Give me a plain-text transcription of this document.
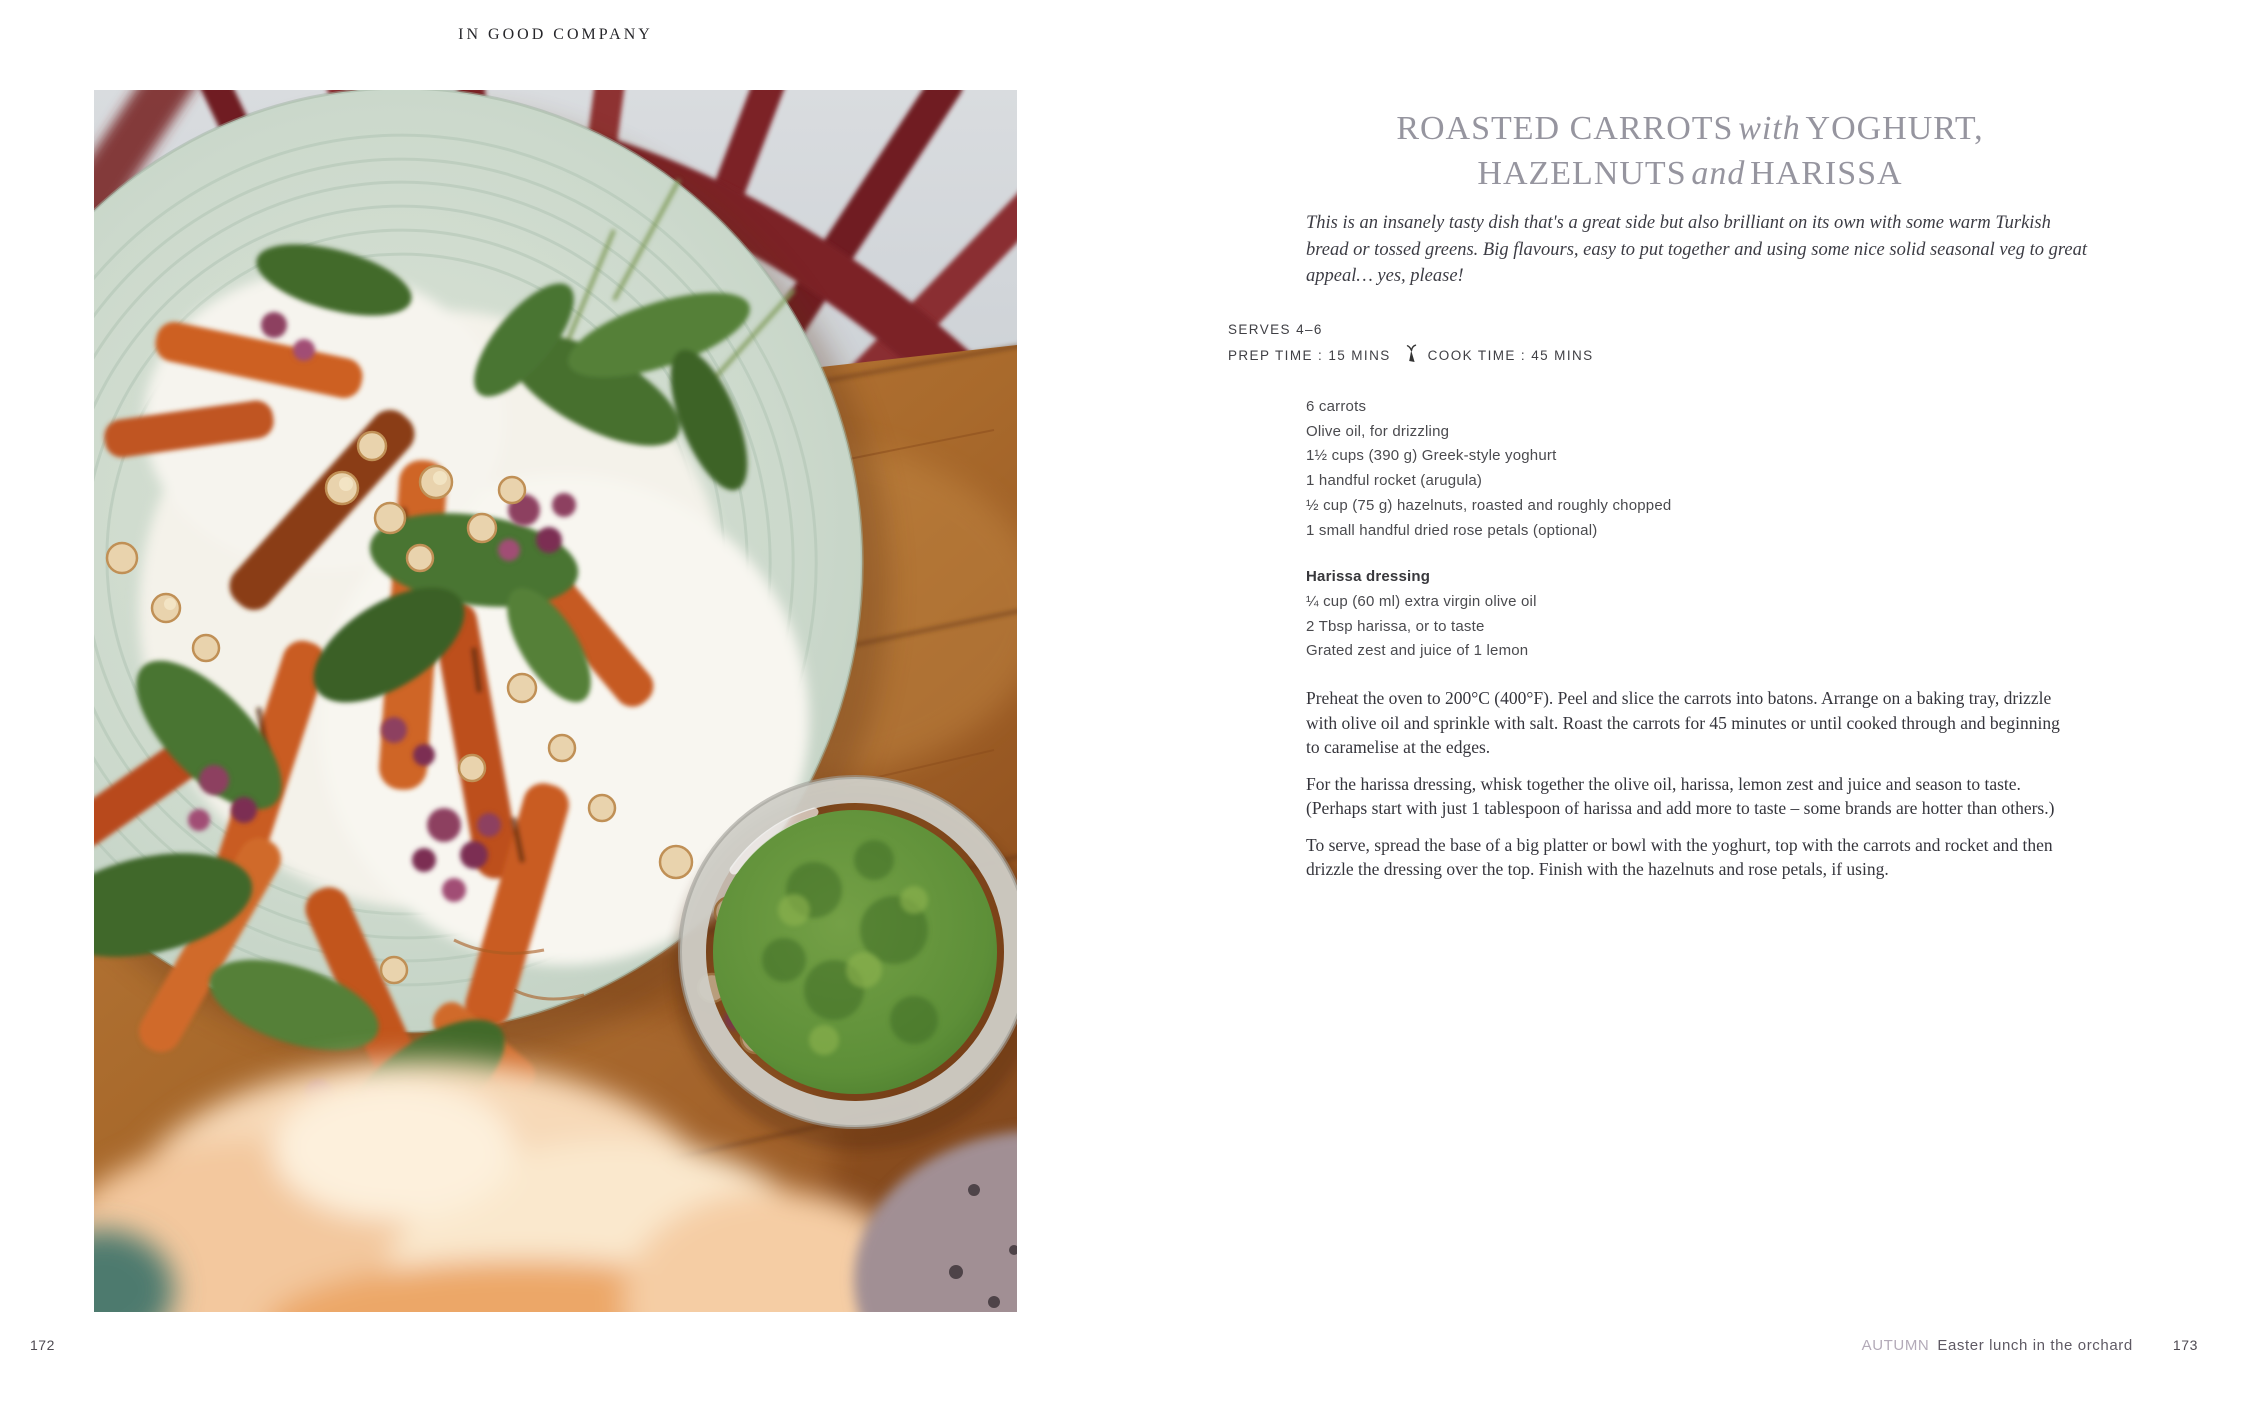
IN GOOD COMPANY
172
ROASTED CARROTS with YOGHURT,
HAZELNUTS and HARISSA
This is an insanely tasty dish that's a great side but also brilliant on its own with some warm Turkish bread or tossed greens. Big flavours, easy to put together and using some nice solid seasonal veg to great appeal… yes, please!
SERVES 4–6
PREP TIME : 15 MINS	COOK TIME : 45 MINS
6 carrots
Olive oil, for drizzling
1½ cups (390 g) Greek-style yoghurt
1 handful rocket (arugula)
½ cup (75 g) hazelnuts, roasted and roughly chopped
1 small handful dried rose petals (optional)
Harissa dressing
¼ cup (60 ml) extra virgin olive oil
2 Tbsp harissa, or to taste
Grated zest and juice of 1 lemon

Preheat the oven to 200°C (400°F). Peel and slice the carrots into batons. Arrange on a baking tray, drizzle with olive oil and sprinkle with salt. Roast the carrots for 45 minutes or until cooked through and beginning to caramelise at the edges.

For the harissa dressing, whisk together the olive oil, harissa, lemon zest and juice and season to taste. (Perhaps start with just 1 tablespoon of harissa and add more to taste – some brands are hotter than others.)

To serve, spread the base of a big platter or bowl with the yoghurt, top with the carrots and rocket and then drizzle the dressing over the top. Finish with the hazelnuts and rose petals, if using.

AUTUMN Easter lunch in the orchard	173
